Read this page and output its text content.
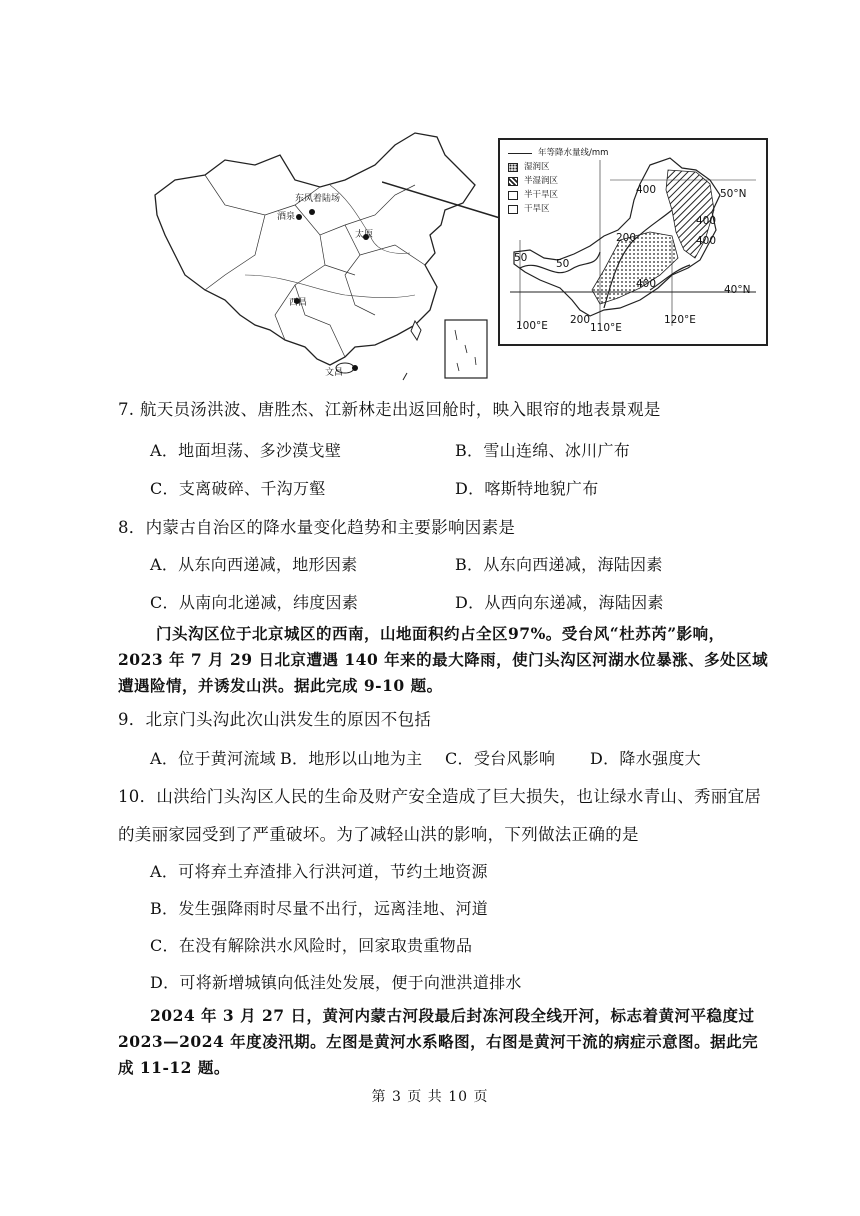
东风着陆场
酒泉
西昌
太原
文昌
年等降水量线/mm
湿润区
半湿润区
半干旱区
干旱区
400	50°N
400
400
200
50	50
400	40°N
100°E 200
110°E
120°E
7. 航天员汤洪波、唐胜杰、江新林走出返回舱时，映入眼帘的地表景观是
A．地面坦荡、多沙漠戈壁	B．雪山连绵、冰川广布
C．支离破碎、千沟万壑	D．喀斯特地貌广布
8．内蒙古自治区的降水量变化趋势和主要影响因素是
A．从东向西递减，地形因素	B．从东向西递减，海陆因素
C．从南向北递减，纬度因素	D．从西向东递减，海陆因素
门头沟区位于北京城区的西南，山地面积约占全区97%。受台风“杜苏芮”影响，
2023 年 7 月 29 日北京遭遇 140 年来的最大降雨，使门头沟区河湖水位暴涨、多处区域
遭遇险情，并诱发山洪。据此完成 9-10 题。
9．北京门头沟此次山洪发生的原因不包括
A．位于黄河流域 B．地形以山地为主 C．受台风影响 D．降水强度大
10．山洪给门头沟区人民的生命及财产安全造成了巨大损失，也让绿水青山、秀丽宜居
的美丽家园受到了严重破坏。为了减轻山洪的影响，下列做法正确的是
A．可将弃土弃渣排入行洪河道，节约土地资源
B．发生强降雨时尽量不出行，远离洼地、河道
C．在没有解除洪水风险时，回家取贵重物品
D．可将新增城镇向低洼处发展，便于向泄洪道排水
2024 年 3 月 27 日，黄河内蒙古河段最后封冻河段全线开河，标志着黄河平稳度过
2023—2024 年度凌汛期。左图是黄河水系略图，右图是黄河干流的病症示意图。据此完
成 11-12 题。
第 3 页 共 10 页
